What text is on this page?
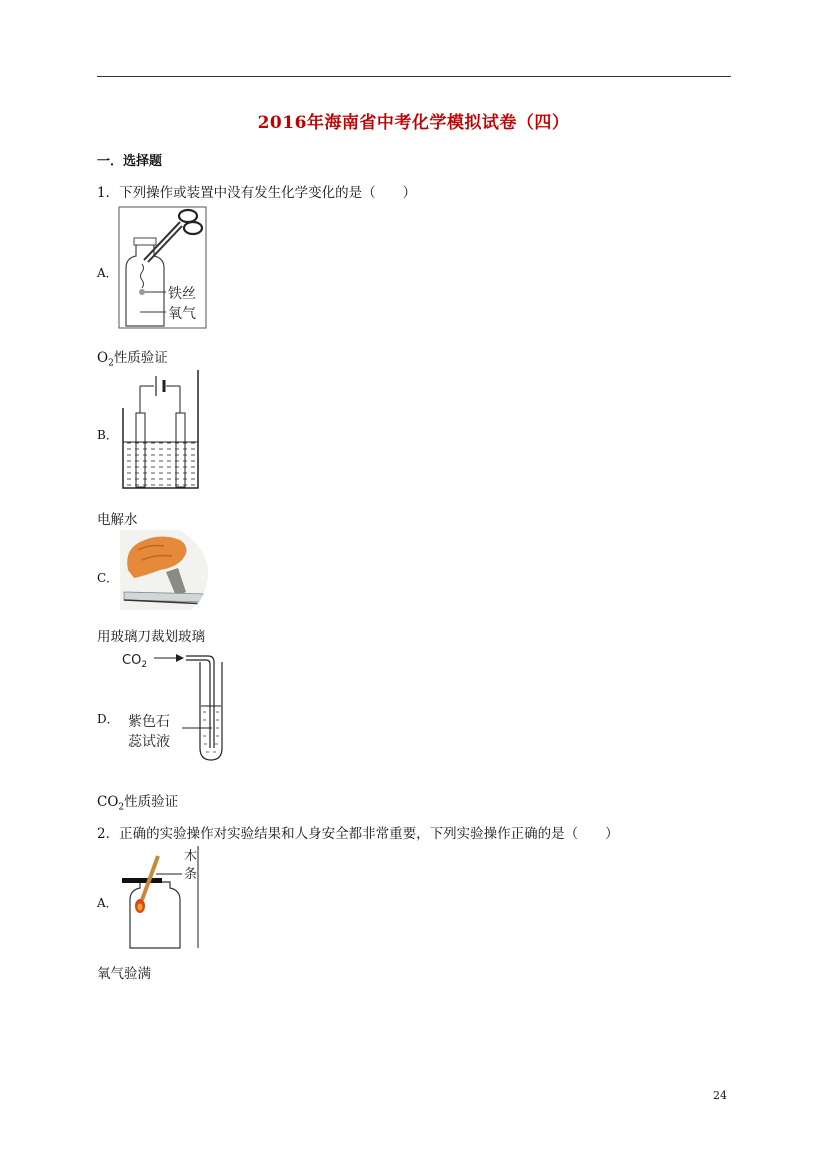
2016年海南省中考化学模拟试卷（四）
一．选择题
1．下列操作或装置中没有发生化学变化的是（　　）
A．
铁丝
氧气
$O_2$性质验证
B．
电解水
C．
用玻璃刀裁划玻璃
D．
$CO_2$
紫色石
蕊试液
$CO_2$性质验证
2．正确的实验操作对实验结果和人身安全都非常重要，下列实验操作正确的是（　　）
A．
木
条
氧气验满
24
